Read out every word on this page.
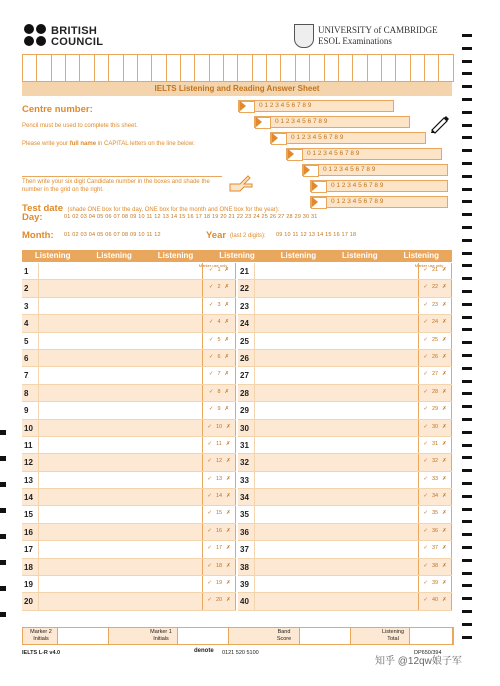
BRITISH
COUNCIL
UNIVERSITY of CAMBRIDGE
ESOL Examinations
IELTS Listening and Reading Answer Sheet
Centre number:
Pencil must be used to complete this sheet.
Please write your full name in CAPITAL letters on the line below:
Then write your six digit Candidate number in the boxes and shade the number in the grid on the right.
0 1 2 3 4 5 6 7 8 9
0 1 2 3 4 5 6 7 8 9
0 1 2 3 4 5 6 7 8 9
0 1 2 3 4 5 6 7 8 9
0 1 2 3 4 5 6 7 8 9
0 1 2 3 4 5 6 7 8 9
0 1 2 3 4 5 6 7 8 9
Test date (shade ONE box for the day, ONE box for the month and ONE box for the year):
Day:	01 02 03 04 05 06 07 08 09 10 11 12 13 14 15 16 17 18 19 20 21 22 23 24 25 26 27 28 29 30 31
Month: 01 02 03 04 05 06 07 08 09 10 11 12	Year (last 2 digits): 09 10 11 12 13 14 15 16 17 18
Listening	Listening	Listening	Listening	Listening	Listening	Listening
Marker use only	Marker use only
1	✓ 1 ✗
2	✓ 2 ✗
3	✓ 3 ✗
4	✓ 4 ✗
5	✓ 5 ✗
6	✓ 6 ✗
7	✓ 7 ✗
8	✓ 8 ✗
9	✓ 9 ✗
10	✓ 10 ✗
11	✓ 11 ✗
12	✓ 12 ✗
13	✓ 13 ✗
14	✓ 14 ✗
15	✓ 15 ✗
16	✓ 16 ✗
17	✓ 17 ✗
18	✓ 18 ✗
19	✓ 19 ✗
20	✓ 20 ✗
21	✓ 21 ✗
22	✓ 22 ✗
23	✓ 23 ✗
24	✓ 24 ✗
25	✓ 25 ✗
26	✓ 26 ✗
27	✓ 27 ✗
28	✓ 28 ✗
29	✓ 29 ✗
30	✓ 30 ✗
31	✓ 31 ✗
32	✓ 32 ✗
33	✓ 33 ✗
34	✓ 34 ✗
35	✓ 35 ✗
36	✓ 36 ✗
37	✓ 37 ✗
38	✓ 38 ✗
39	✓ 39 ✗
40	✓ 40 ✗
Marker 2 Initials
Marker 1 Initials
Band Score
Listening Total
IELTS L-R v4.0	denote 0121 520 5100	DP650/394
知乎 @12qw娘子军
